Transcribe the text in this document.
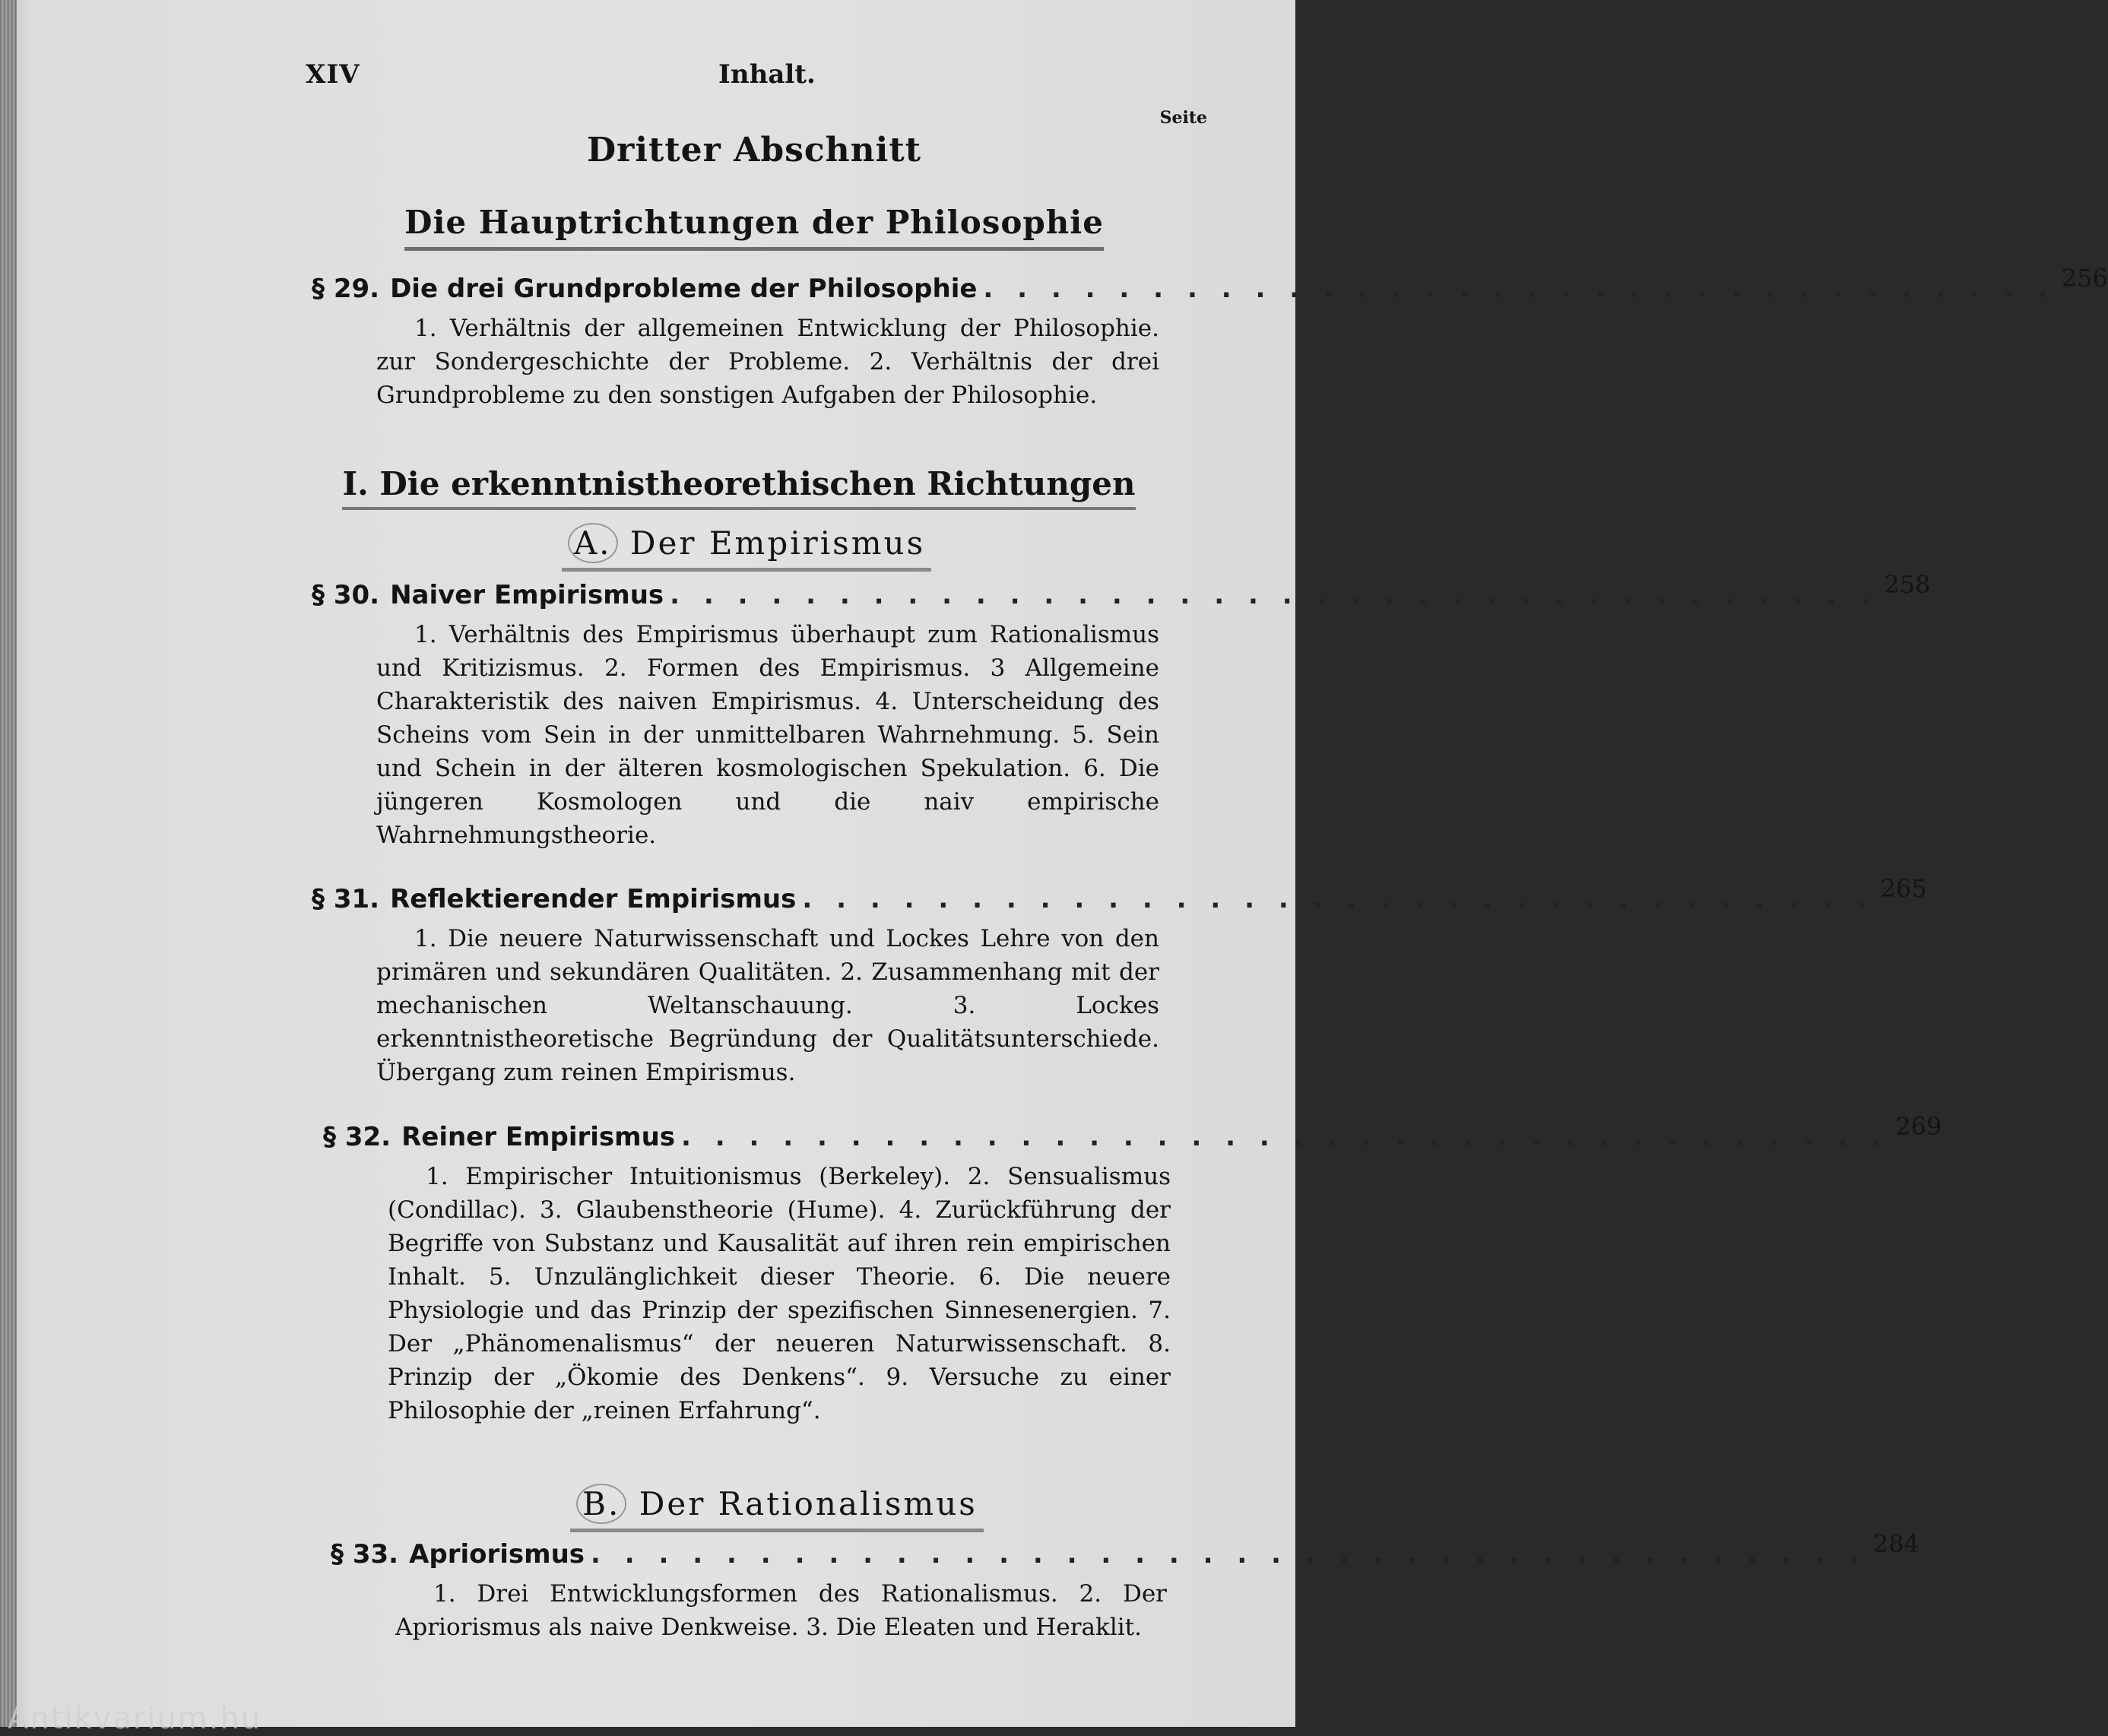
XIV	Inhalt.
Seite
Dritter Abschnitt
Die Hauptrichtungen der Philosophie
§ 29. Die drei Grundprobleme der Philosophie . . . . . . . . . . . . . . . . . . . . . . . . . . . . . . . . 256
1. Verhältnis der allgemeinen Entwicklung der Philosophie. zur Sondergeschichte der Probleme. 2. Verhältnis der drei Grundprobleme zu den sonstigen Aufgaben der Philosophie.
I. Die erkenntnistheorethischen Richtungen
A. Der Empirismus
§ 30. Naiver Empirismus . . . . . . . . . . . . . . . . . . . . . . . . . . . . . . . . . . . . 258
1. Verhältnis des Empirismus überhaupt zum Rationalismus und Kritizismus. 2. Formen des Empirismus. 3 Allgemeine Charakteristik des naiven Empirismus. 4. Unterscheidung des Scheins vom Sein in der unmittelbaren Wahrnehmung. 5. Sein und Schein in der älteren kosmologischen Spekulation. 6. Die jüngeren Kosmologen und die naiv empirische Wahrnehmungstheorie.
§ 31. Reflektierender Empirismus . . . . . . . . . . . . . . . . . . . . . . . . . . . . . . . . 265
1. Die neuere Naturwissenschaft und Lockes Lehre von den primären und sekundären Qualitäten. 2. Zusammenhang mit der mechanischen Weltanschauung. 3. Lockes erkenntnistheoretische Begründung der Qualitätsunterschiede. Übergang zum reinen Empirismus.
§ 32. Reiner Empirismus . . . . . . . . . . . . . . . . . . . . . . . . . . . . . . . . . . . . 269
1. Empirischer Intuitionismus (Berkeley). 2. Sensualismus (Condillac). 3. Glaubenstheorie (Hume). 4. Zurückführung der Begriffe von Substanz und Kausalität auf ihren rein empirischen Inhalt. 5. Unzulänglichkeit dieser Theorie. 6. Die neuere Physiologie und das Prinzip der spezifischen Sinnesenergien. 7. Der „Phänomenalismus“ der neueren Naturwissenschaft. 8. Prinzip der „Ökomie des Denkens“. 9. Versuche zu einer Philosophie der „reinen Erfahrung“.
B. Der Rationalismus
§ 33. Apriorismus . . . . . . . . . . . . . . . . . . . . . . . . . . . . . . . . . . . . . . 284
1. Drei Entwicklungsformen des Rationalismus. 2. Der Apriorismus als naive Denkweise. 3. Die Eleaten und Heraklit.
Antikvarium.hu
